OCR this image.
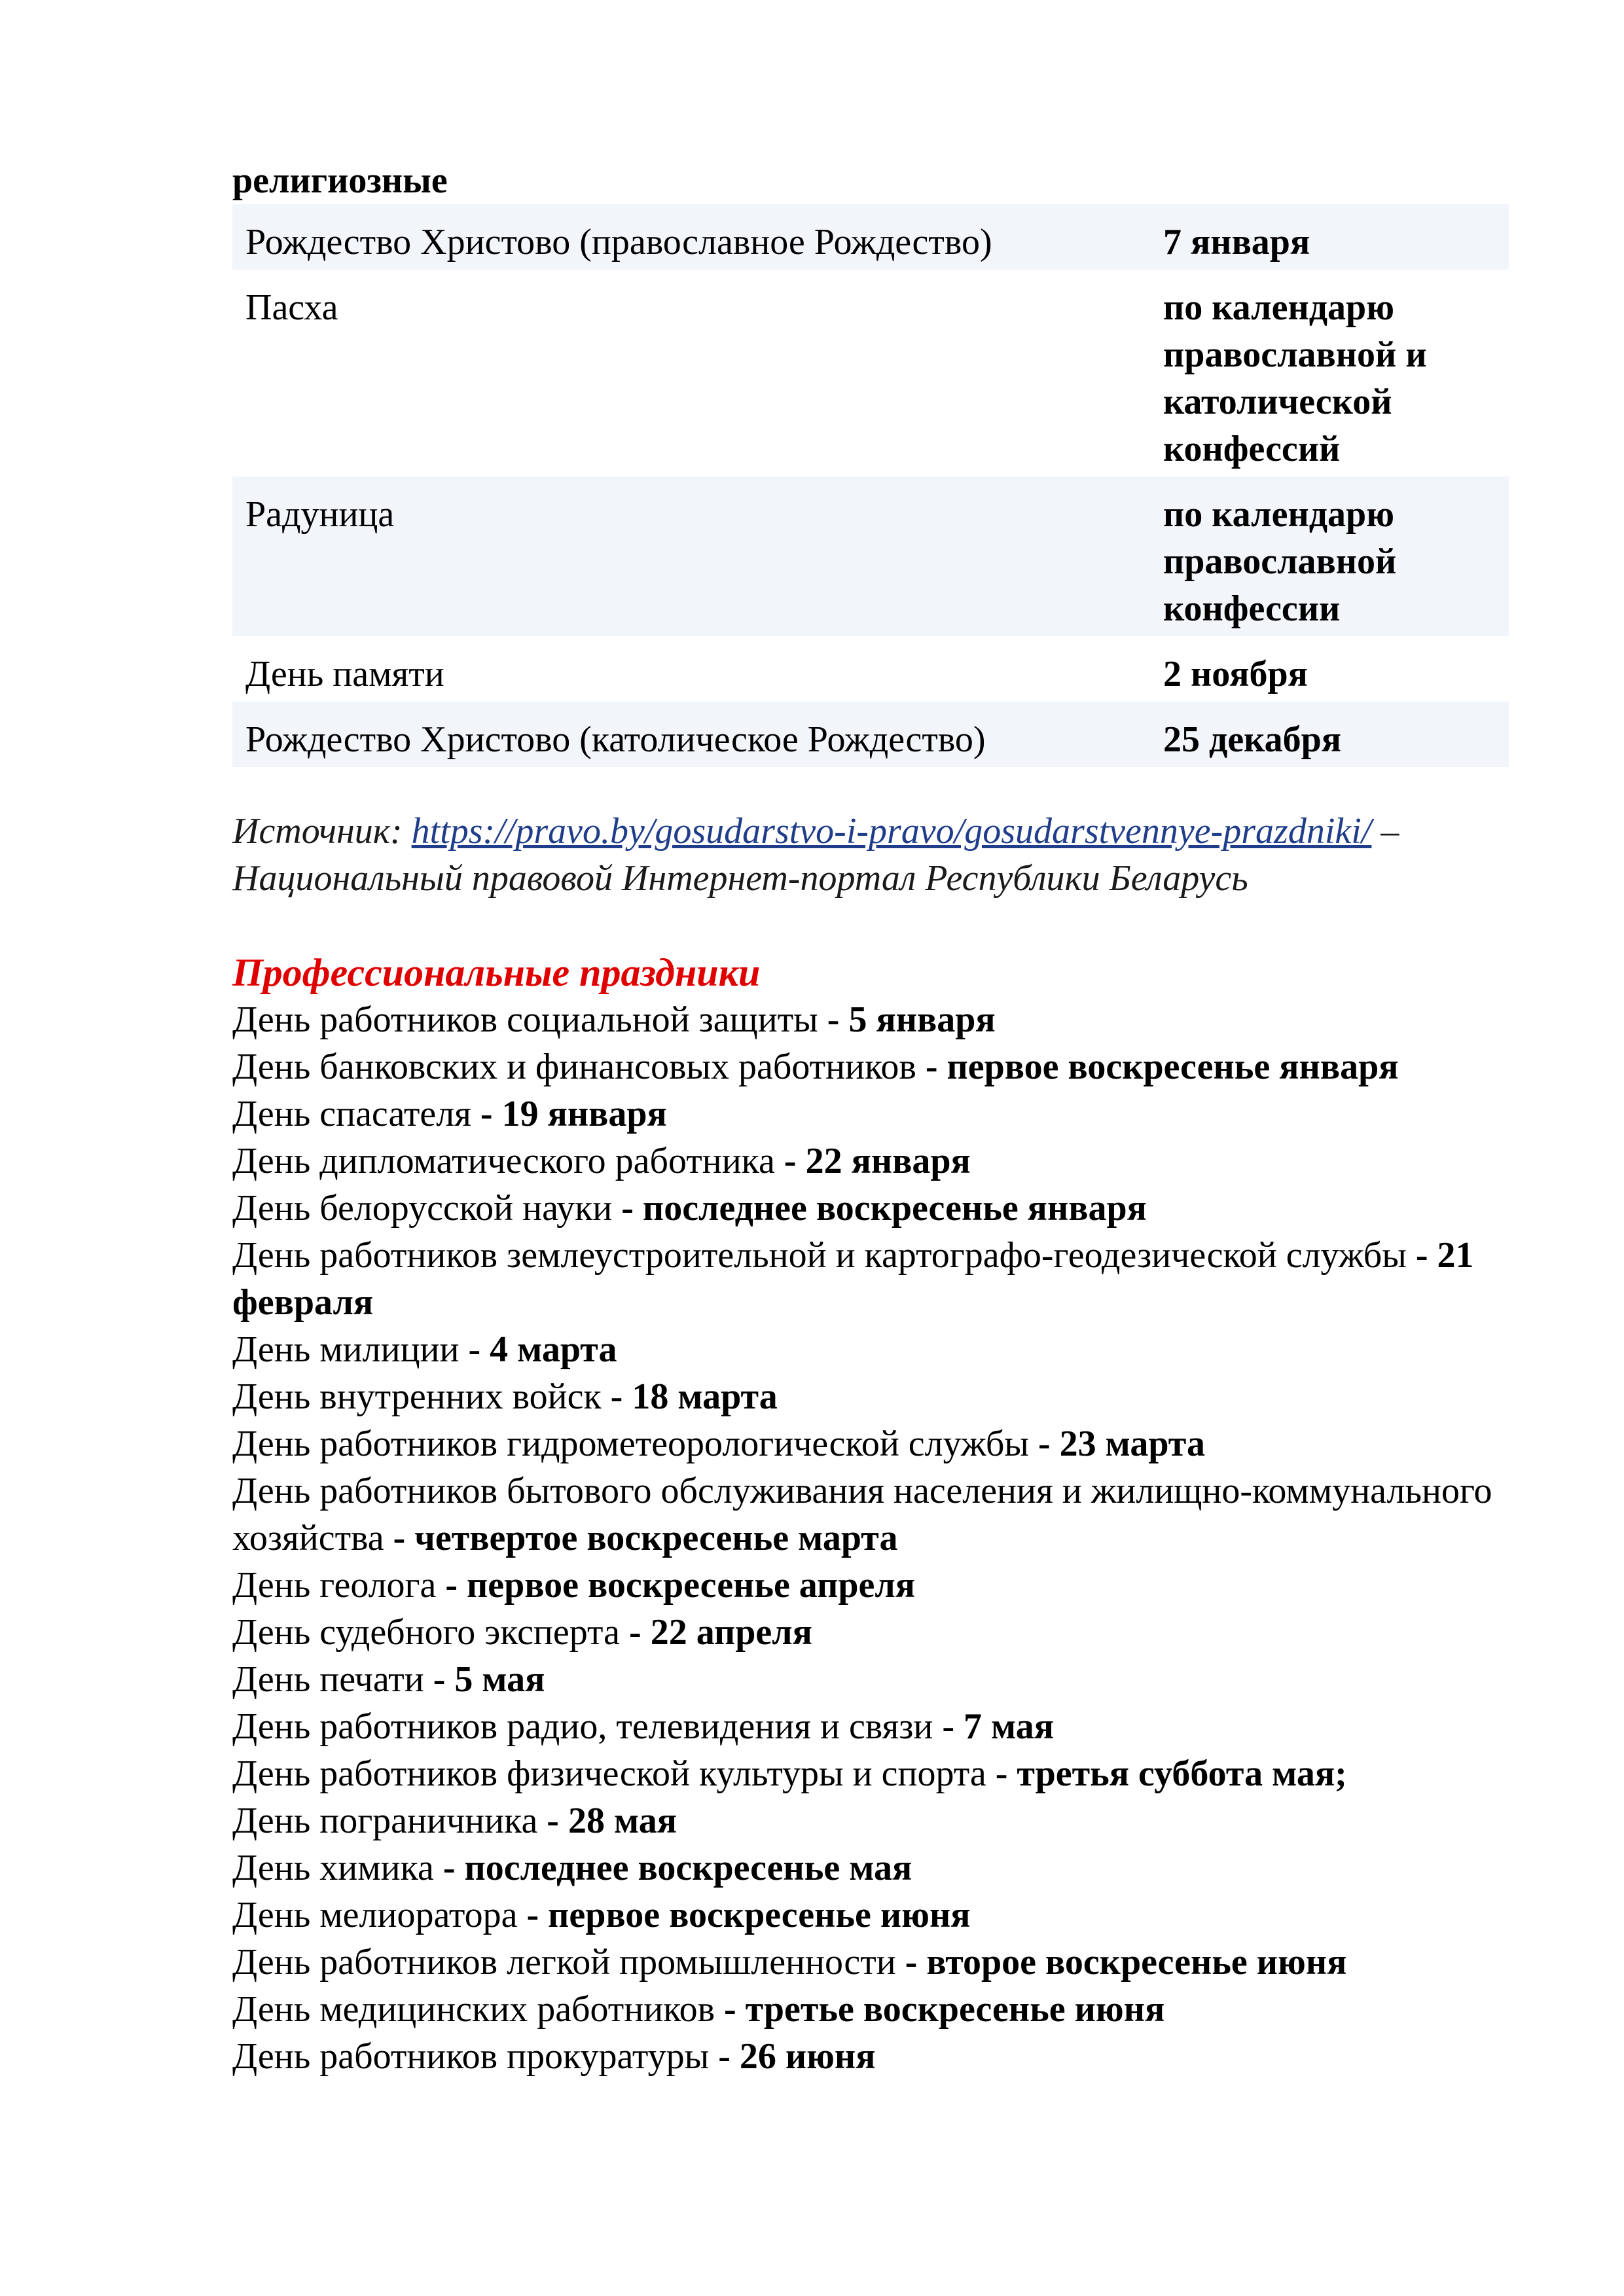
религиозные

Рождество Христово (православное Рождество)	7 января
Пасха	по календарю православной и католической конфессий
Радуница	по календарю православной конфессии
День памяти	2 ноября
Рождество Христово (католическое Рождество)	25 декабря
Источник: https://pravo.by/gosudarstvo-i-pravo/gosudarstvennye-prazdniki/ –
Национальный правовой Интернет-портал Республики Беларусь
Профессиональные праздники
День работников социальной защиты - 5 января
День банковских и финансовых работников - первое воскресенье января
День спасателя - 19 января
День дипломатического работника - 22 января
День белорусской науки - последнее воскресенье января
День работников землеустроительной и картографо-геодезической службы - 21 февраля
День милиции - 4 марта
День внутренних войск - 18 марта
День работников гидрометеорологической службы - 23 марта
День работников бытового обслуживания населения и жилищно-коммунального хозяйства - четвертое воскресенье марта
День геолога - первое воскресенье апреля
День судебного эксперта - 22 апреля
День печати - 5 мая
День работников радио, телевидения и связи - 7 мая
День работников физической культуры и спорта - третья суббота мая;
День пограничника - 28 мая
День химика - последнее воскресенье мая
День мелиоратора - первое воскресенье июня
День работников легкой промышленности - второе воскресенье июня
День медицинских работников - третье воскресенье июня
День работников прокуратуры - 26 июня
